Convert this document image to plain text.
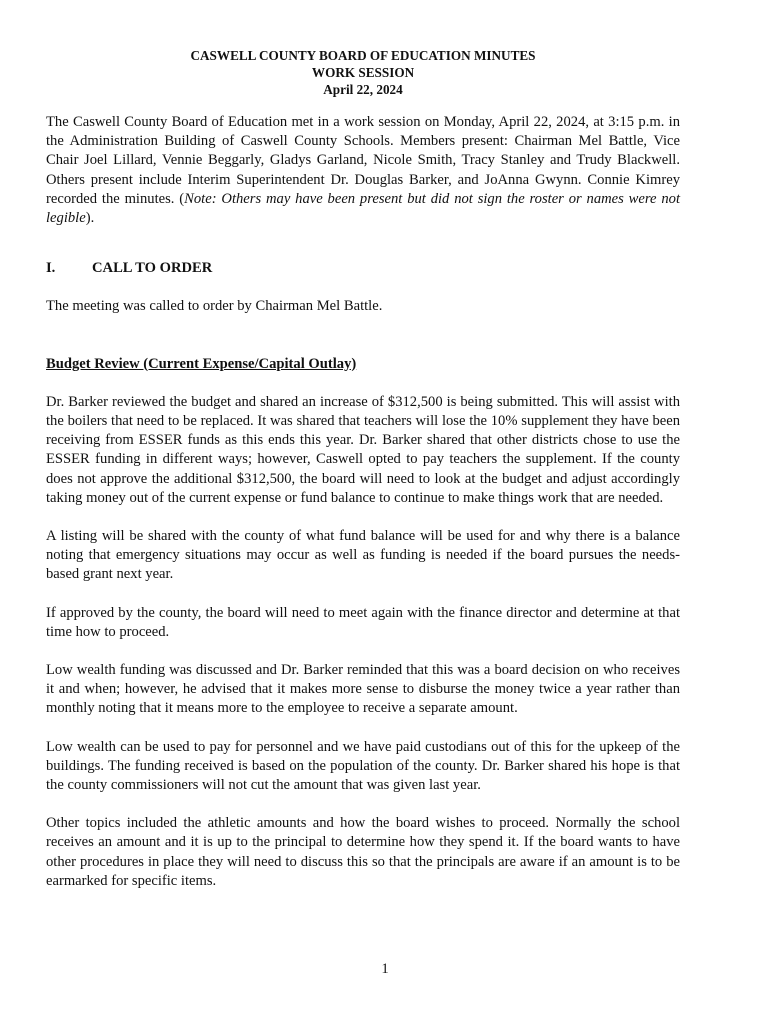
CASWELL COUNTY BOARD OF EDUCATION MINUTES
WORK SESSION
April 22, 2024

The Caswell County Board of Education met in a work session on Monday, April 22, 2024, at 3:15 p.m. in the Administration Building of Caswell County Schools. Members present: Chairman Mel Battle, Vice Chair Joel Lillard, Vennie Beggarly, Gladys Garland, Nicole Smith, Tracy Stanley and Trudy Blackwell. Others present include Interim Superintendent Dr. Douglas Barker, and JoAnna Gwynn. Connie Kimrey recorded the minutes. (Note: Others may have been present but did not sign the roster or names were not legible).

I.	CALL TO ORDER

The meeting was called to order by Chairman Mel Battle.

Budget Review (Current Expense/Capital Outlay)

Dr. Barker reviewed the budget and shared an increase of $312,500 is being submitted. This will assist with the boilers that need to be replaced. It was shared that teachers will lose the 10% supplement they have been receiving from ESSER funds as this ends this year. Dr. Barker shared that other districts chose to use the ESSER funding in different ways; however, Caswell opted to pay teachers the supplement. If the county does not approve the additional $312,500, the board will need to look at the budget and adjust accordingly taking money out of the current expense or fund balance to continue to make things work that are needed.

A listing will be shared with the county of what fund balance will be used for and why there is a balance noting that emergency situations may occur as well as funding is needed if the board pursues the needs-based grant next year.

If approved by the county, the board will need to meet again with the finance director and determine at that time how to proceed.

Low wealth funding was discussed and Dr. Barker reminded that this was a board decision on who receives it and when; however, he advised that it makes more sense to disburse the money twice a year rather than monthly noting that it means more to the employee to receive a separate amount.

Low wealth can be used to pay for personnel and we have paid custodians out of this for the upkeep of the buildings. The funding received is based on the population of the county. Dr. Barker shared his hope is that the county commissioners will not cut the amount that was given last year.

Other topics included the athletic amounts and how the board wishes to proceed. Normally the school receives an amount and it is up to the principal to determine how they spend it. If the board wants to have other procedures in place they will need to discuss this so that the principals are aware if an amount is to be earmarked for specific items.

1
